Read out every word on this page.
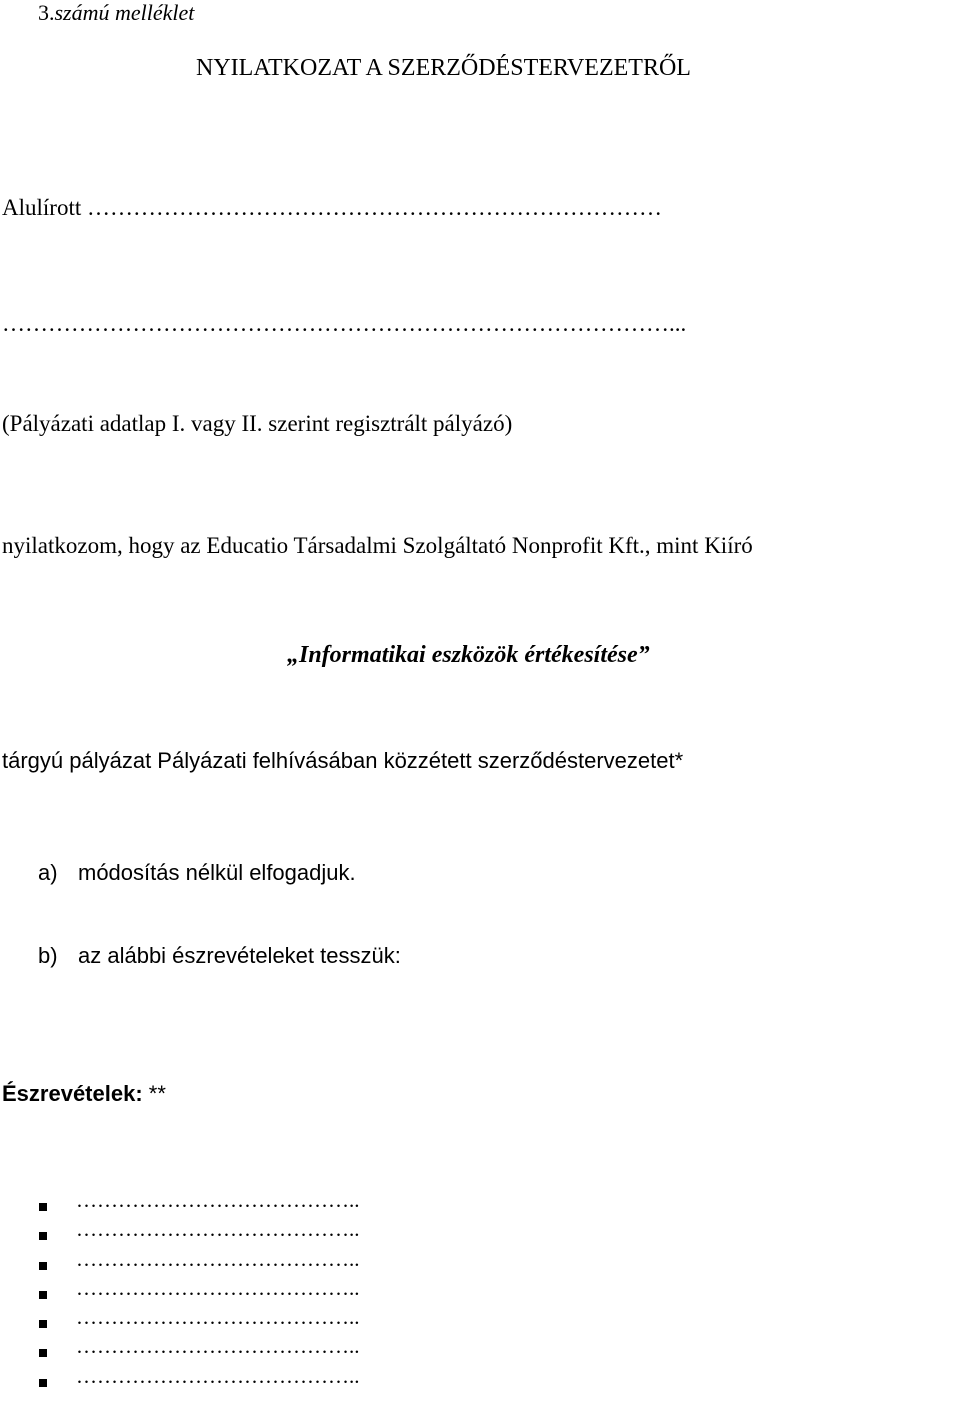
3.számú melléklet
NYILATKOZAT A SZERZŐDÉSTERVEZETRŐL
Alulírott …………………………………………………………………
……………………………………………………………………………...
(Pályázati adatlap I. vagy II. szerint regisztrált pályázó)
nyilatkozom, hogy az Educatio Társadalmi Szolgáltató Nonprofit Kft., mint Kiíró
„Informatikai eszközök értékesítése”
tárgyú pályázat Pályázati felhívásában közzétett szerződéstervezetet*
a) módosítás nélkül elfogadjuk.
b) az alábbi észrevételeket tesszük:
Észrevételek: **
…………………………………..
…………………………………..
…………………………………..
…………………………………..
…………………………………..
…………………………………..
…………………………………..
